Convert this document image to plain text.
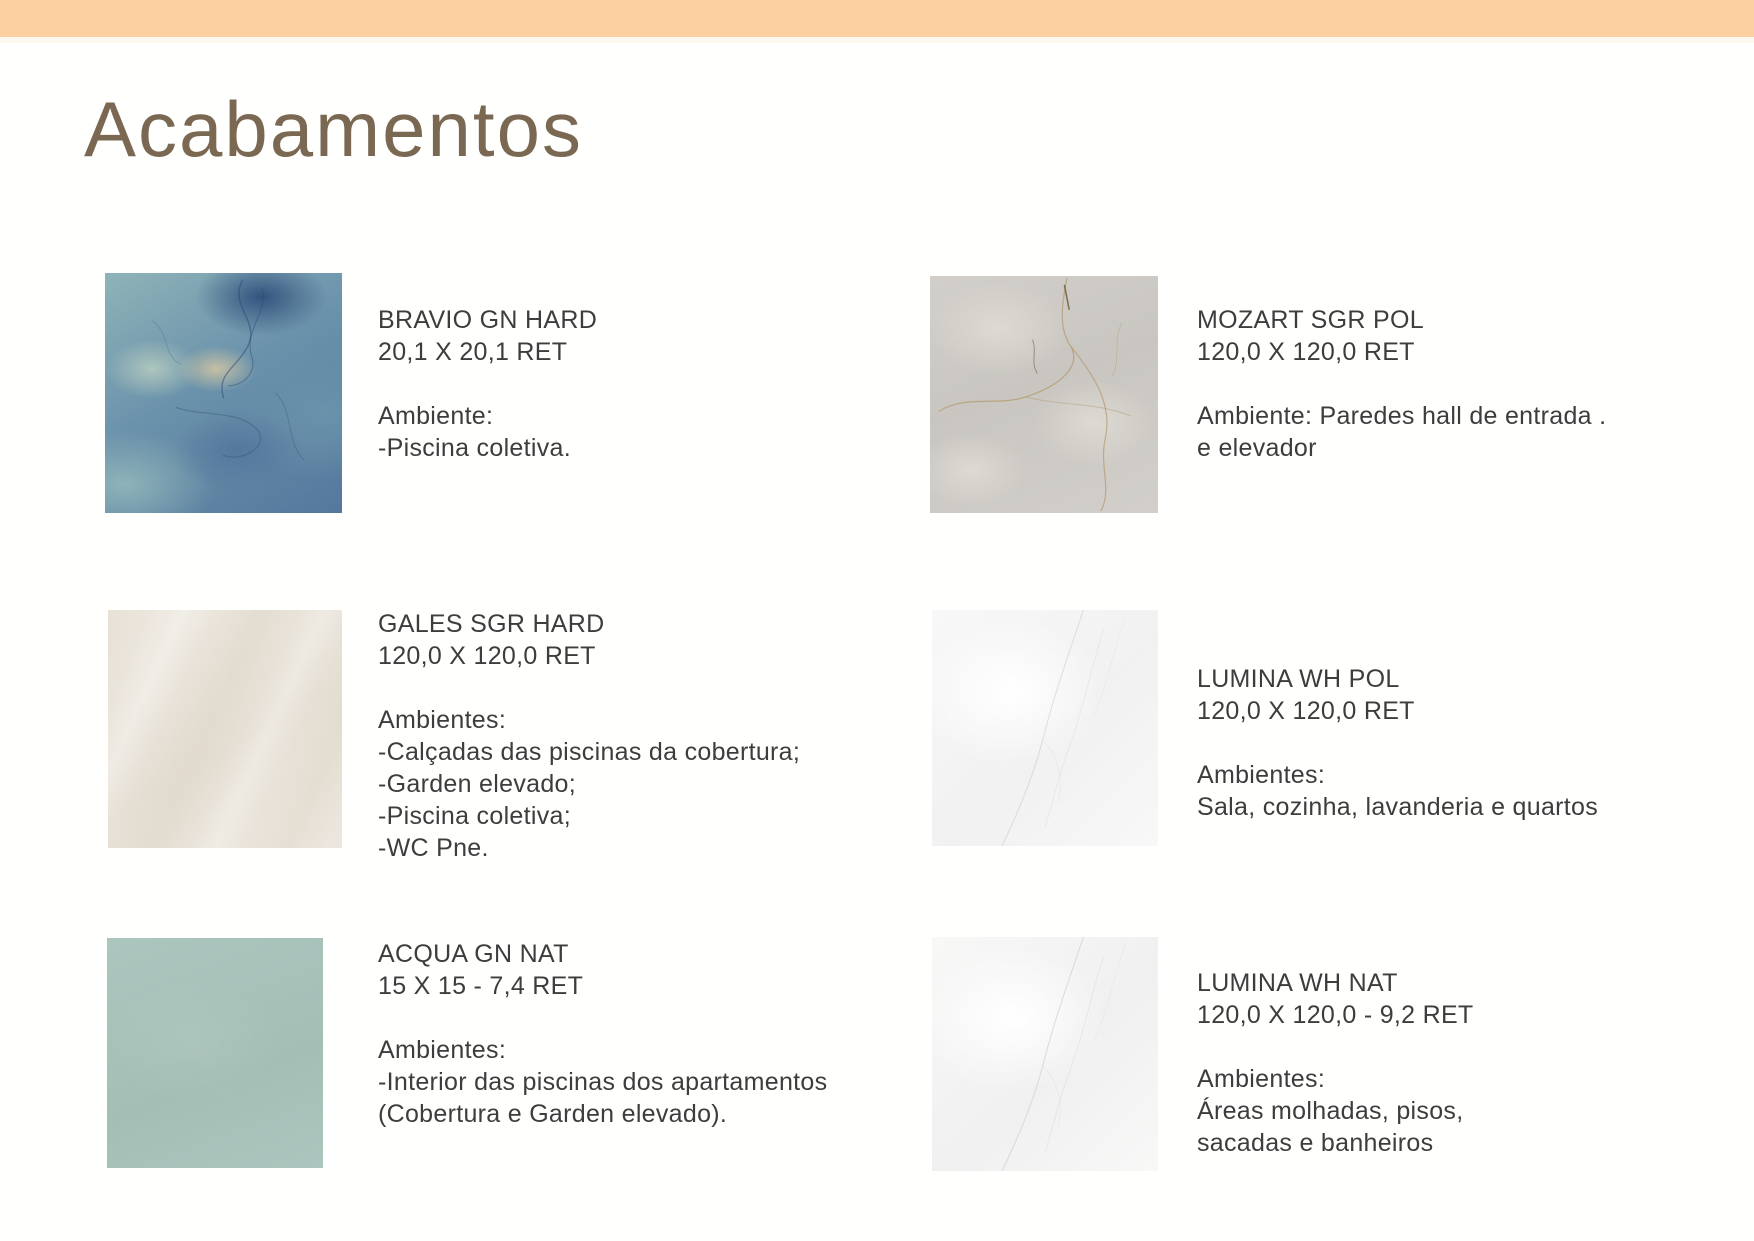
Acabamentos
BRAVIO GN HARD
20,1 X 20,1 RET
Ambiente:
-Piscina coletiva.
GALES SGR HARD
120,0 X 120,0 RET
Ambientes:
-Calçadas das piscinas da cobertura;
-Garden elevado;
-Piscina coletiva;
-WC Pne.
ACQUA GN NAT
15 X 15 - 7,4 RET
Ambientes:
-Interior das piscinas dos apartamentos
(Cobertura e Garden elevado).
MOZART SGR POL
120,0 X 120,0 RET
Ambiente: Paredes hall de entrada .
e elevador
LUMINA WH POL
120,0 X 120,0 RET
Ambientes:
Sala, cozinha, lavanderia e quartos
LUMINA WH NAT
120,0 X 120,0 - 9,2 RET
Ambientes:
Áreas molhadas, pisos,
sacadas e banheiros
